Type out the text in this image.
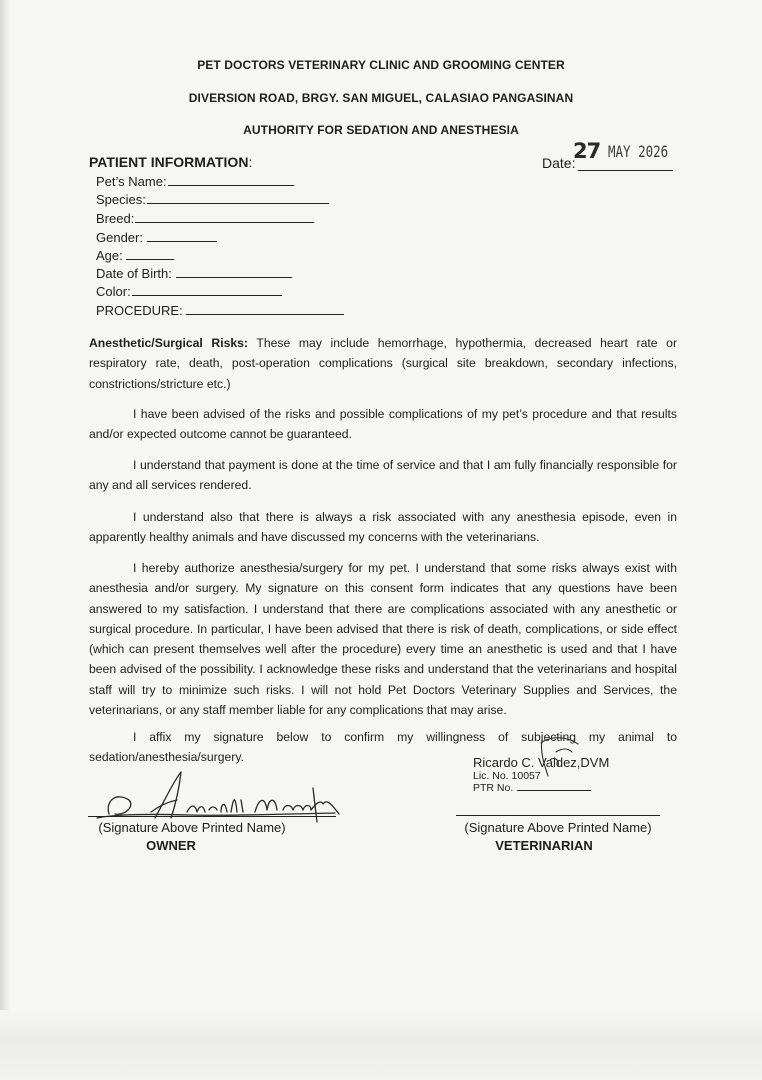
PET DOCTORS VETERINARY CLINIC AND GROOMING CENTER
DIVERSION ROAD, BRGY. SAN MIGUEL, CALASIAO PANGASINAN
AUTHORITY FOR SEDATION AND ANESTHESIA
PATIENT INFORMATION:
Pet’s Name:
Species:
Breed:
Gender:
Age:
Date of Birth:
Color:
PROCEDURE:
Date:
27 MAY 2026
Anesthetic/Surgical Risks: These may include hemorrhage, hypothermia, decreased heart rate or respiratory rate, death, post-operation complications (surgical site breakdown, secondary infections, constrictions/stricture etc.)
I have been advised of the risks and possible complications of my pet’s procedure and that results and/or expected outcome cannot be guaranteed.
I understand that payment is done at the time of service and that I am fully financially responsible for any and all services rendered.
I understand also that there is always a risk associated with any anesthesia episode, even in apparently healthy animals and have discussed my concerns with the veterinarians.
I hereby authorize anesthesia/surgery for my pet. I understand that some risks always exist with anesthesia and/or surgery. My signature on this consent form indicates that any questions have been answered to my satisfaction. I understand that there are complications associated with any anesthetic or surgical procedure. In particular, I have been advised that there is risk of death, complications, or side effect (which can present themselves well after the procedure) every time an anesthetic is used and that I have been advised of the possibility. I acknowledge these risks and understand that the veterinarians and hospital staff will try to minimize such risks. I will not hold Pet Doctors Veterinary Supplies and Services, the veterinarians, or any staff member liable for any complications that may arise.
I affix my signature below to confirm my willingness of subjecting my animal to sedation/anesthesia/surgery.
(Signature Above Printed Name)
OWNER
Ricardo C. Valdez,DVM
Lic. No. 10057
PTR No.
(Signature Above Printed Name)
VETERINARIAN
